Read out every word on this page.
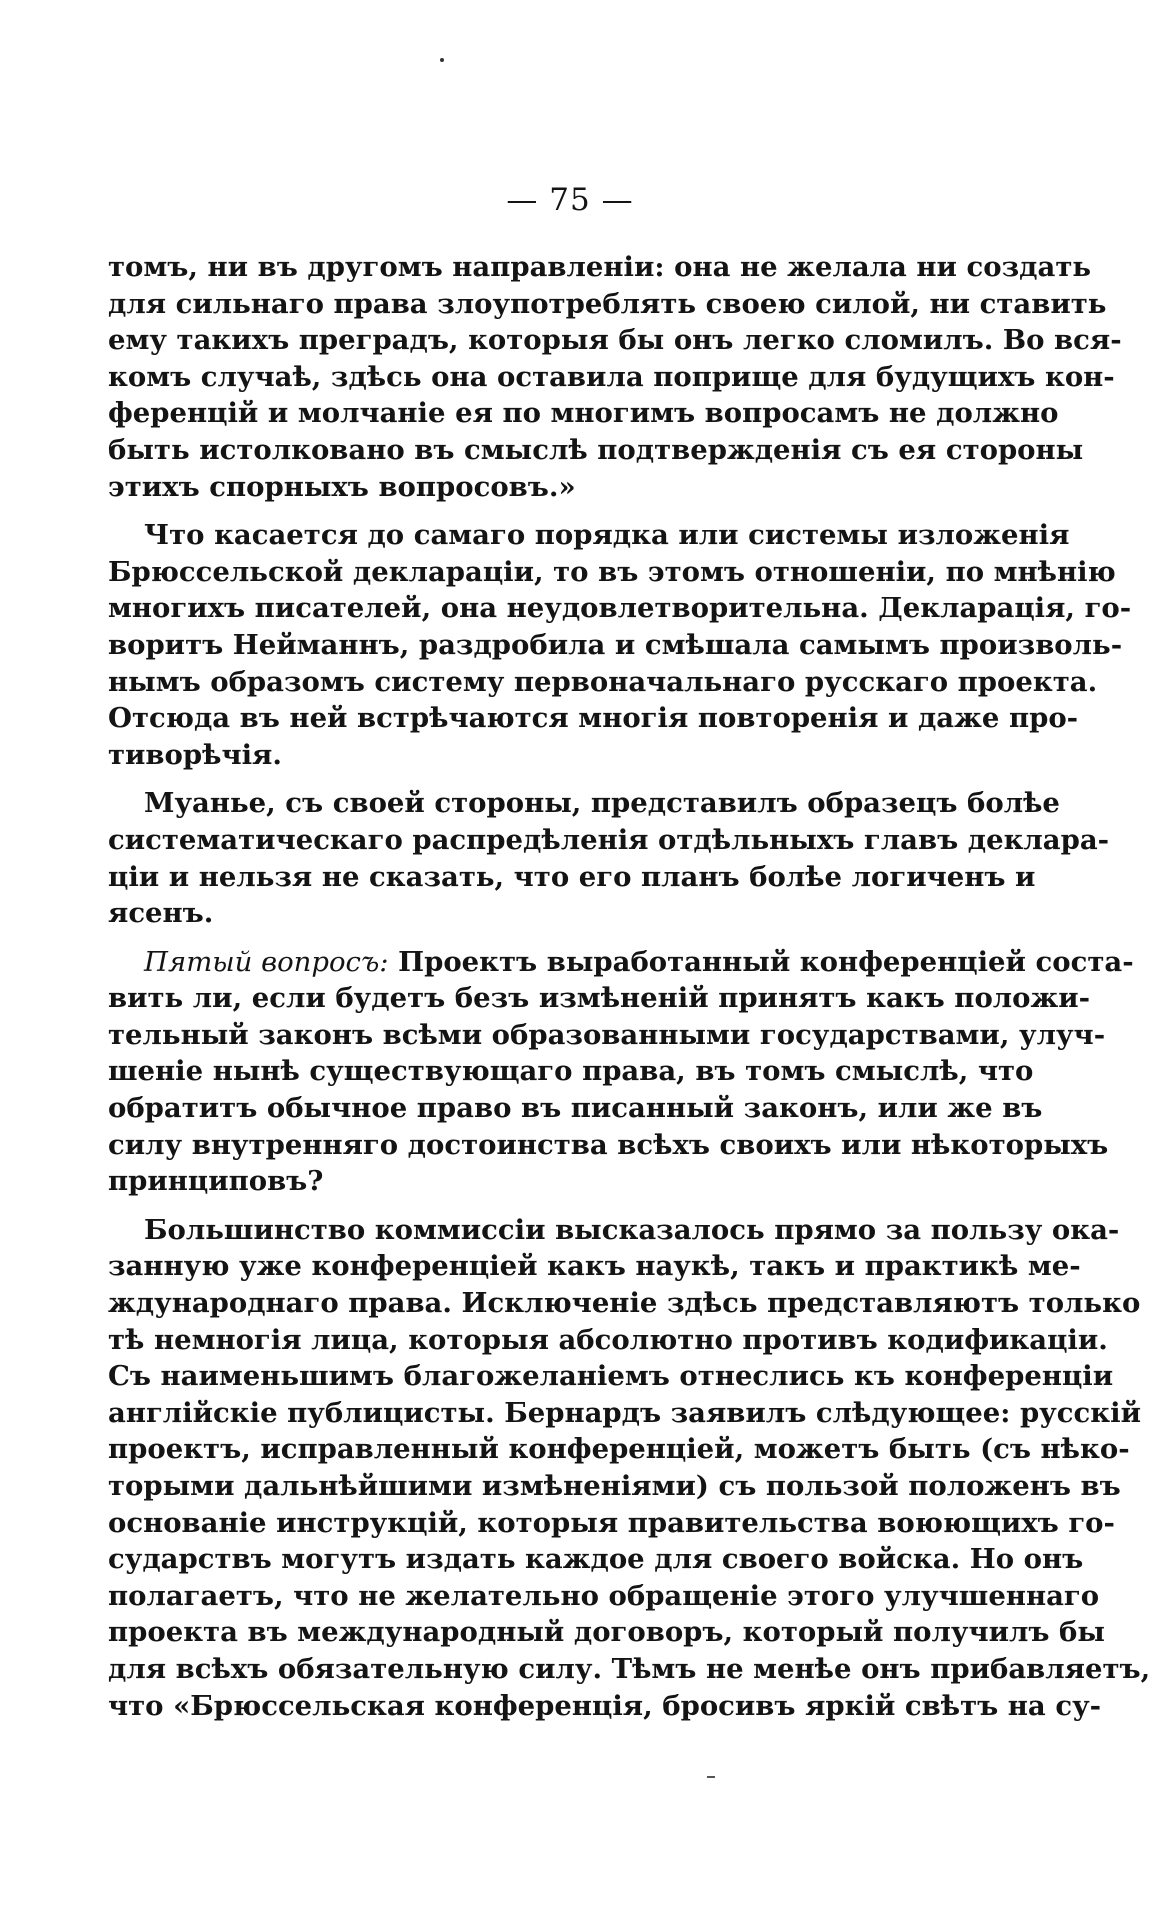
— 75 —
томъ, ни въ другомъ направленіи: она не желала ни создать
для сильнаго права злоупотреблять своею силой, ни ставить
ему такихъ преградъ, которыя бы онъ легко сломилъ. Во вся-
комъ случаѣ, здѣсь она оставила поприще для будущихъ кон-
ференцій и молчаніе ея по многимъ вопросамъ не должно
быть истолковано въ смыслѣ подтвержденія съ ея стороны
этихъ спорныхъ вопросовъ.»
Что касается до самаго порядка или системы изложенія
Брюссельской деклараціи, то въ этомъ отношеніи, по мнѣнію
многихъ писателей, она неудовлетворительна. Декларація, го-
воритъ Нейманнъ, раздробила и смѣшала самымъ произволь-
нымъ образомъ систему первоначальнаго русскаго проекта.
Отсюда въ ней встрѣчаются многія повторенія и даже про-
тиворѣчія.
Муанье, съ своей стороны, представилъ образецъ болѣе
систематическаго распредѣленія отдѣльныхъ главъ деклара-
ціи и нельзя не сказать, что его планъ болѣе логиченъ и
ясенъ.
Пятый вопросъ: Проектъ выработанный конференціей соста-
вить ли, если будетъ безъ измѣненій принятъ какъ положи-
тельный законъ всѣми образованными государствами, улуч-
шеніе нынѣ существующаго права, въ томъ смыслѣ, что
обратитъ обычное право въ писанный законъ, или же въ
силу внутренняго достоинства всѣхъ своихъ или нѣкоторыхъ
принциповъ?
Большинство коммиссіи высказалось прямо за пользу ока-
занную уже конференціей какъ наукѣ, такъ и практикѣ ме-
ждународнаго права. Исключеніе здѣсь представляютъ только
тѣ немногія лица, которыя абсолютно противъ кодификаціи.
Съ наименьшимъ благожеланіемъ отнеслись къ конференціи
англійскіе публицисты. Бернардъ заявилъ слѣдующее: русскій
проектъ, исправленный конференціей, можетъ быть (съ нѣко-
торыми дальнѣйшими измѣненіями) съ пользой положенъ въ
основаніе инструкцій, которыя правительства воюющихъ го-
сударствъ могутъ издать каждое для своего войска. Но онъ
полагаетъ, что не желательно обращеніе этого улучшеннаго
проекта въ международный договоръ, который получилъ бы
для всѣхъ обязательную силу. Тѣмъ не менѣе онъ прибавляетъ,
что «Брюссельская конференція, бросивъ яркій свѣтъ на су-
